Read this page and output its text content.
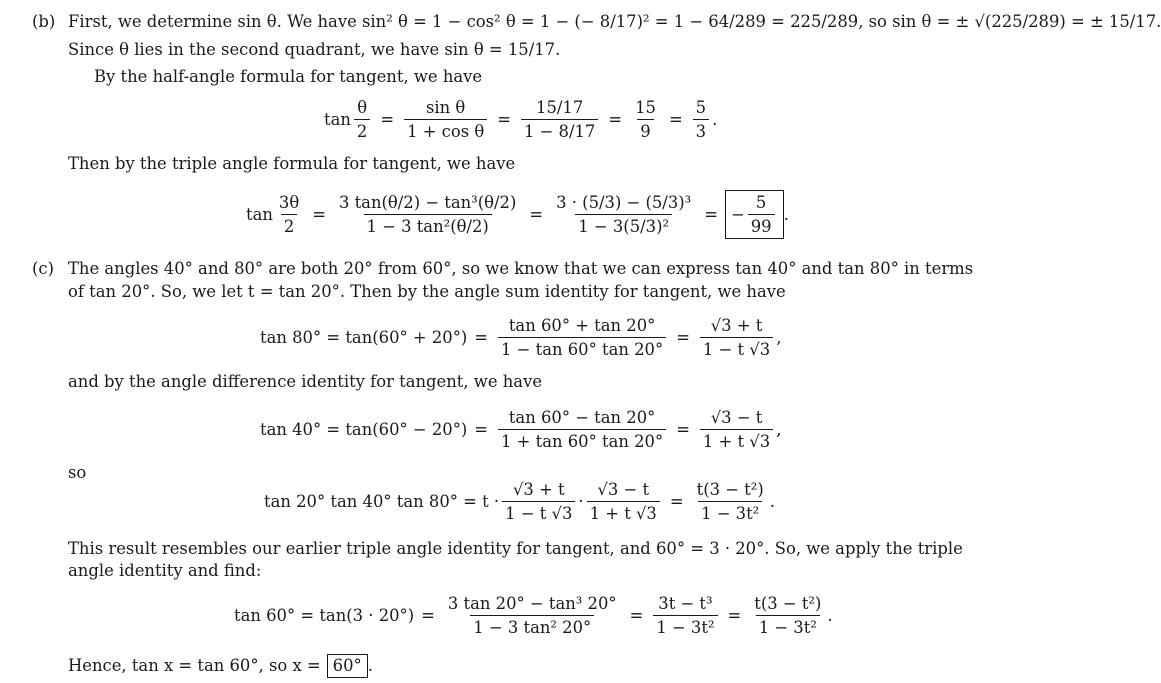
(b) First, we determine sin θ. We have sin² θ = 1 − cos² θ = 1 − (− 8/17)² = 1 − 64/289 = 225/289, so sin θ = ± √(225/289) = ± 15/17.
Since θ lies in the second quadrant, we have sin θ = 15/17.
By the half-angle formula for tangent, we have
$\tan \frac{\theta}{2} = \frac{\text{sin θ}}{\text{1 + cos θ}} = \frac{15/17}{1 - 8/17} = \frac{15}{9} = \frac{5}{3}$ .
Then by the triple angle formula for tangent, we have
$\tan \frac{3\theta}{2} = \frac{\text{3 tan(θ/2) − tan³(θ/2)}}{\text{1 − 3 tan²(θ/2)}} = \frac{\text{3 · (5/3) − (5/3)³}}{\text{1 − 3(5/3)²}}$ = − $\frac{5}{99}$ .
(c) The angles 40° and 80° are both 20° from 60°, so we know that we can express tan 40° and tan 80° in terms
of tan 20°. So, we let t = tan 20°. Then by the angle sum identity for tangent, we have
$\tan 80^\circ = \tan(60^\circ + 20^\circ) = \frac{\tan 60^\circ + \tan 20^\circ}{1 - \tan 60^\circ \tan 20^\circ} = \frac{√3 + t}{1 - t √3}$ ,
and by the angle difference identity for tangent, we have
$\tan 40^\circ = \tan(60^\circ - 20^\circ) = \frac{\tan 60^\circ - \tan 20^\circ}{1 + \tan 60^\circ \tan 20^\circ} = \frac{√3 - t}{1 + t √3}$ ,
so
tan 20° tan 40° $\tan 80^\circ = t \cdot \frac{√3 + t}{1 - t √3} \cdot \frac{√3 - t}{1 + t √3} = \frac{\text{t(3 − t²)}}{\text{1 − 3t²}}$ .
This result resembles our earlier triple angle identity for tangent, and 60° = 3 · 20°. So, we apply the triple
angle identity and find:
$\tan 60^\circ = \tan(3 \cdot 20^\circ) = \frac{\text{3 tan 20° − tan³ 20°}}{\text{1 − 3 tan² 20°}} = \frac{\text{3t − t³}}{\text{1 − 3t²}} = \frac{\text{t(3 − t²)}}{\text{1 − 3t²}}$ .
Hence, tan x = tan 60°, so x = 60° .
